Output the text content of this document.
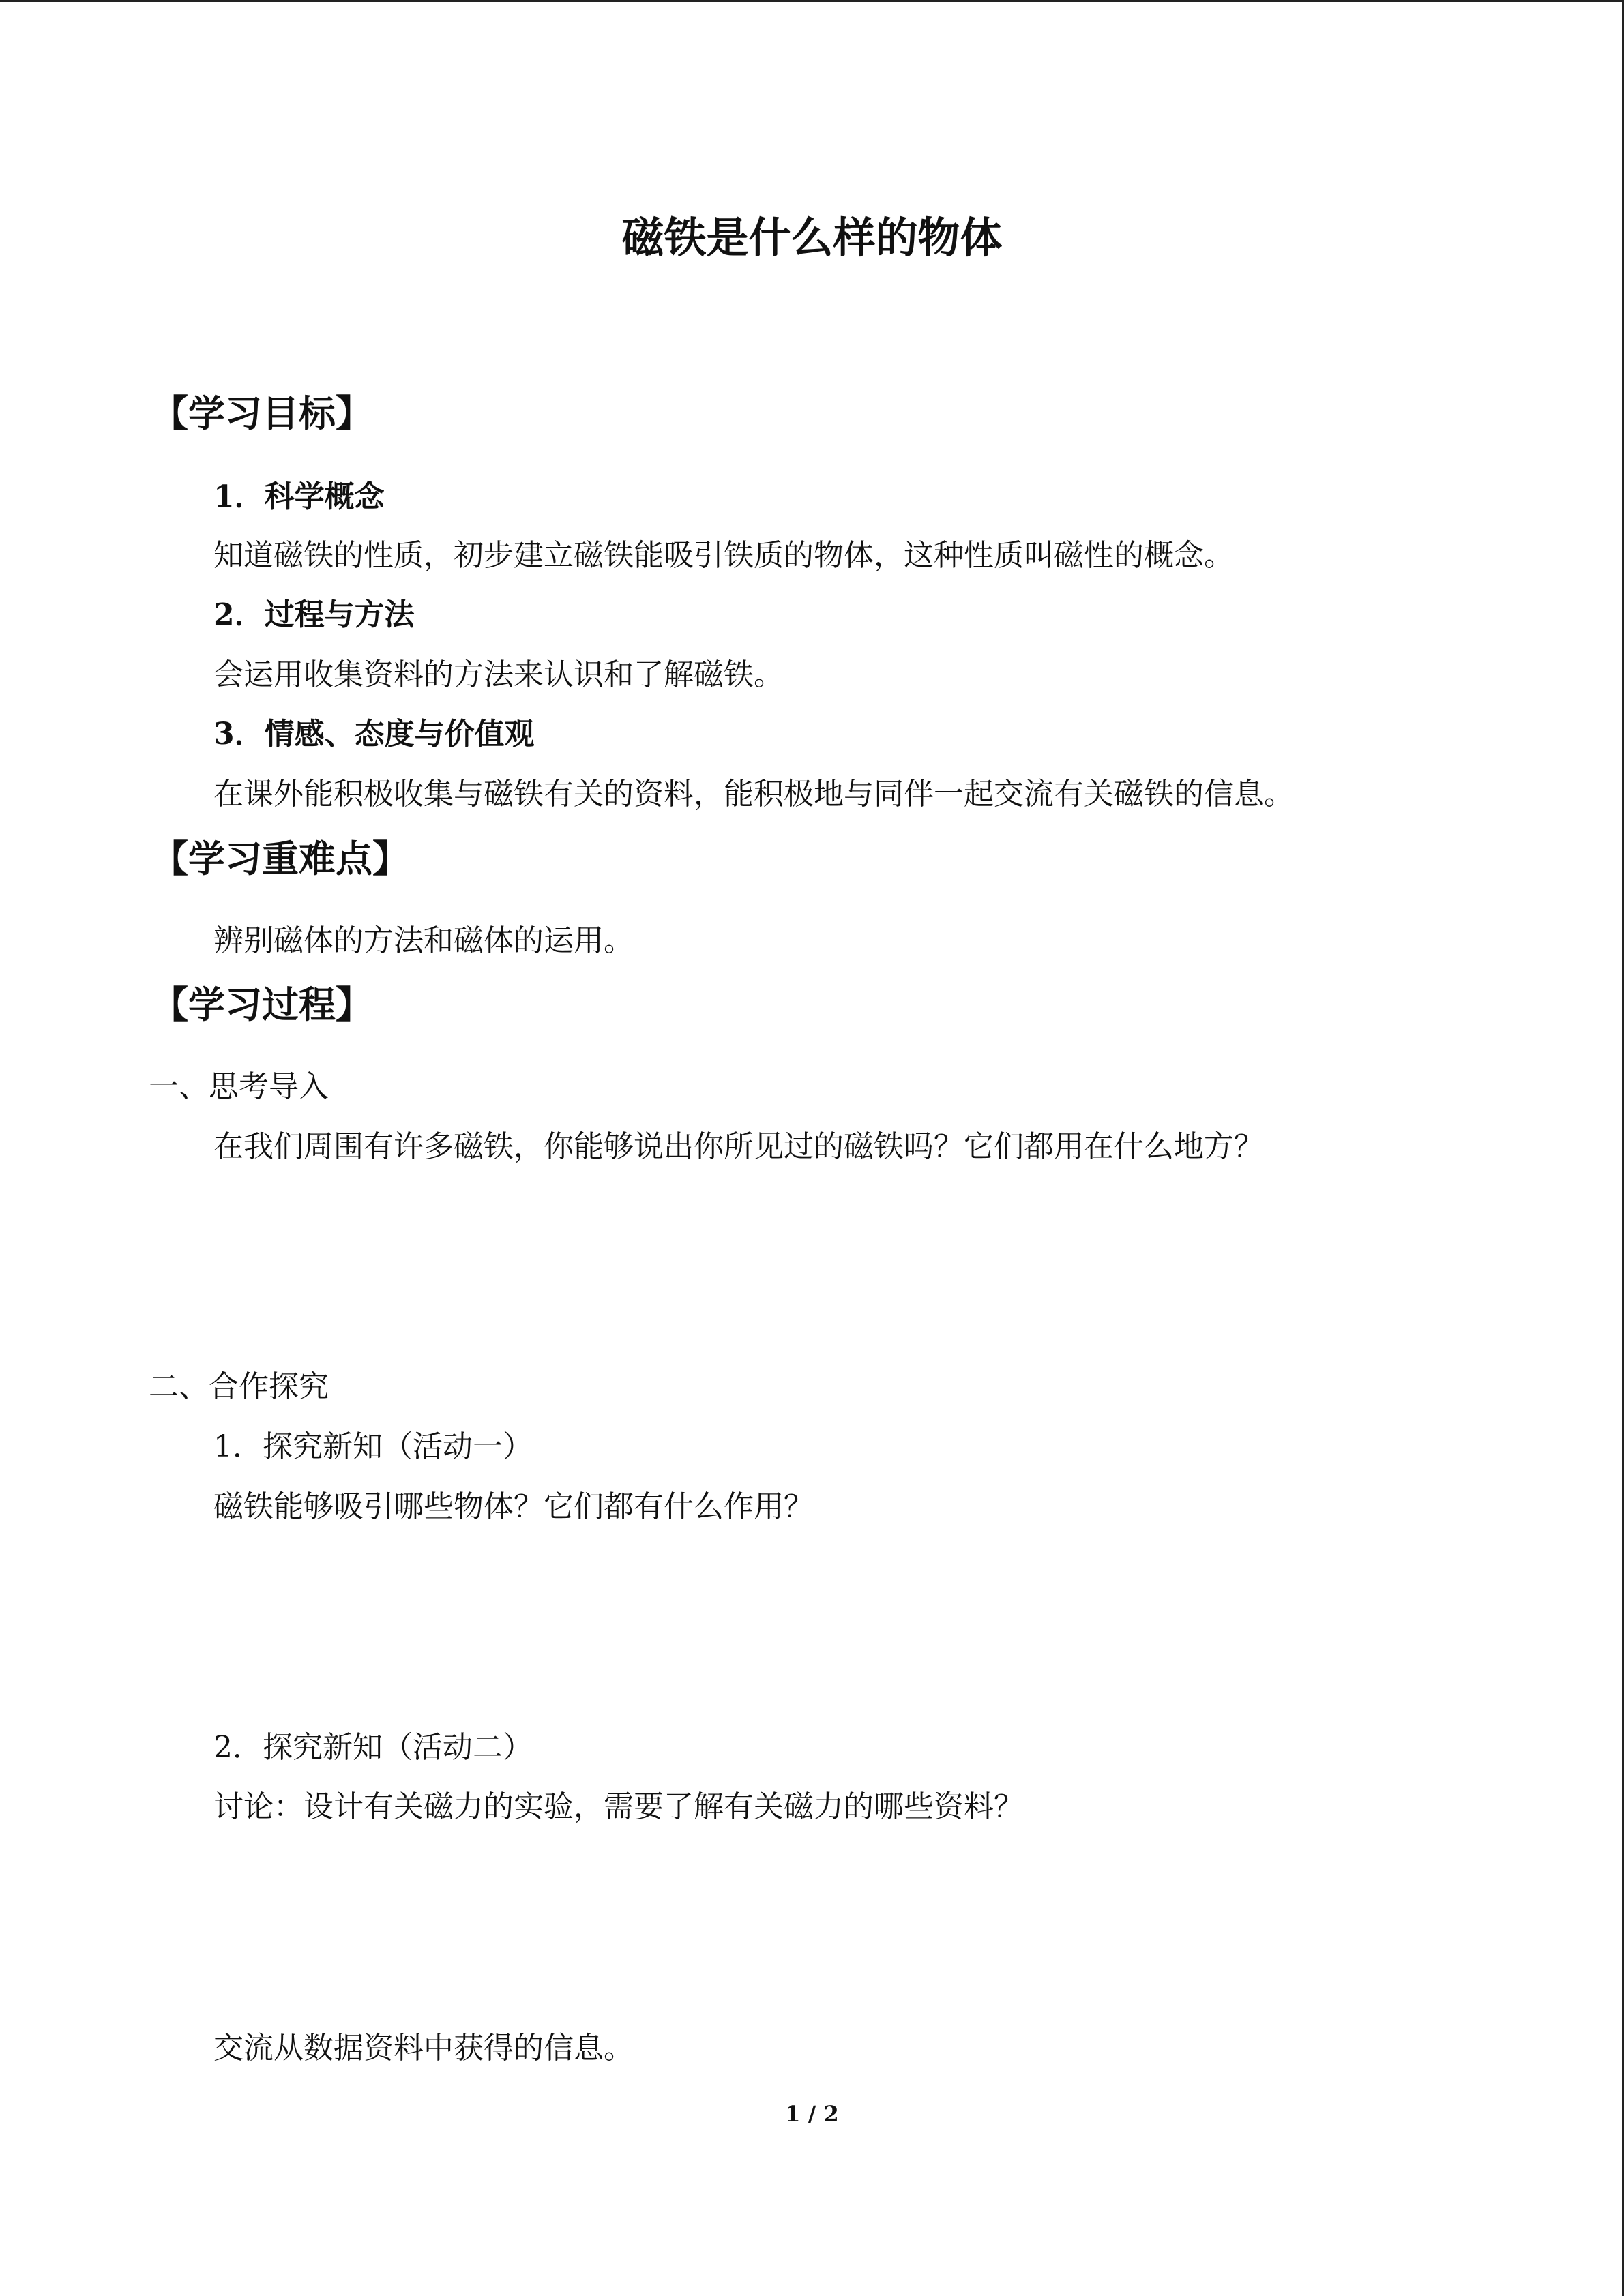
磁铁是什么样的物体
【学习目标】
1．科学概念
知道磁铁的性质，初步建立磁铁能吸引铁质的物体，这种性质叫磁性的概念。
2．过程与方法
会运用收集资料的方法来认识和了解磁铁。
3．情感、态度与价值观
在课外能积极收集与磁铁有关的资料，能积极地与同伴一起交流有关磁铁的信息。
【学习重难点】
辨别磁体的方法和磁体的运用。
【学习过程】
一、思考导入
在我们周围有许多磁铁，你能够说出你所见过的磁铁吗？它们都用在什么地方？
二、合作探究
1．探究新知（活动一）
磁铁能够吸引哪些物体？它们都有什么作用？
2．探究新知（活动二）
讨论：设计有关磁力的实验，需要了解有关磁力的哪些资料？
交流从数据资料中获得的信息。
1 / 2
